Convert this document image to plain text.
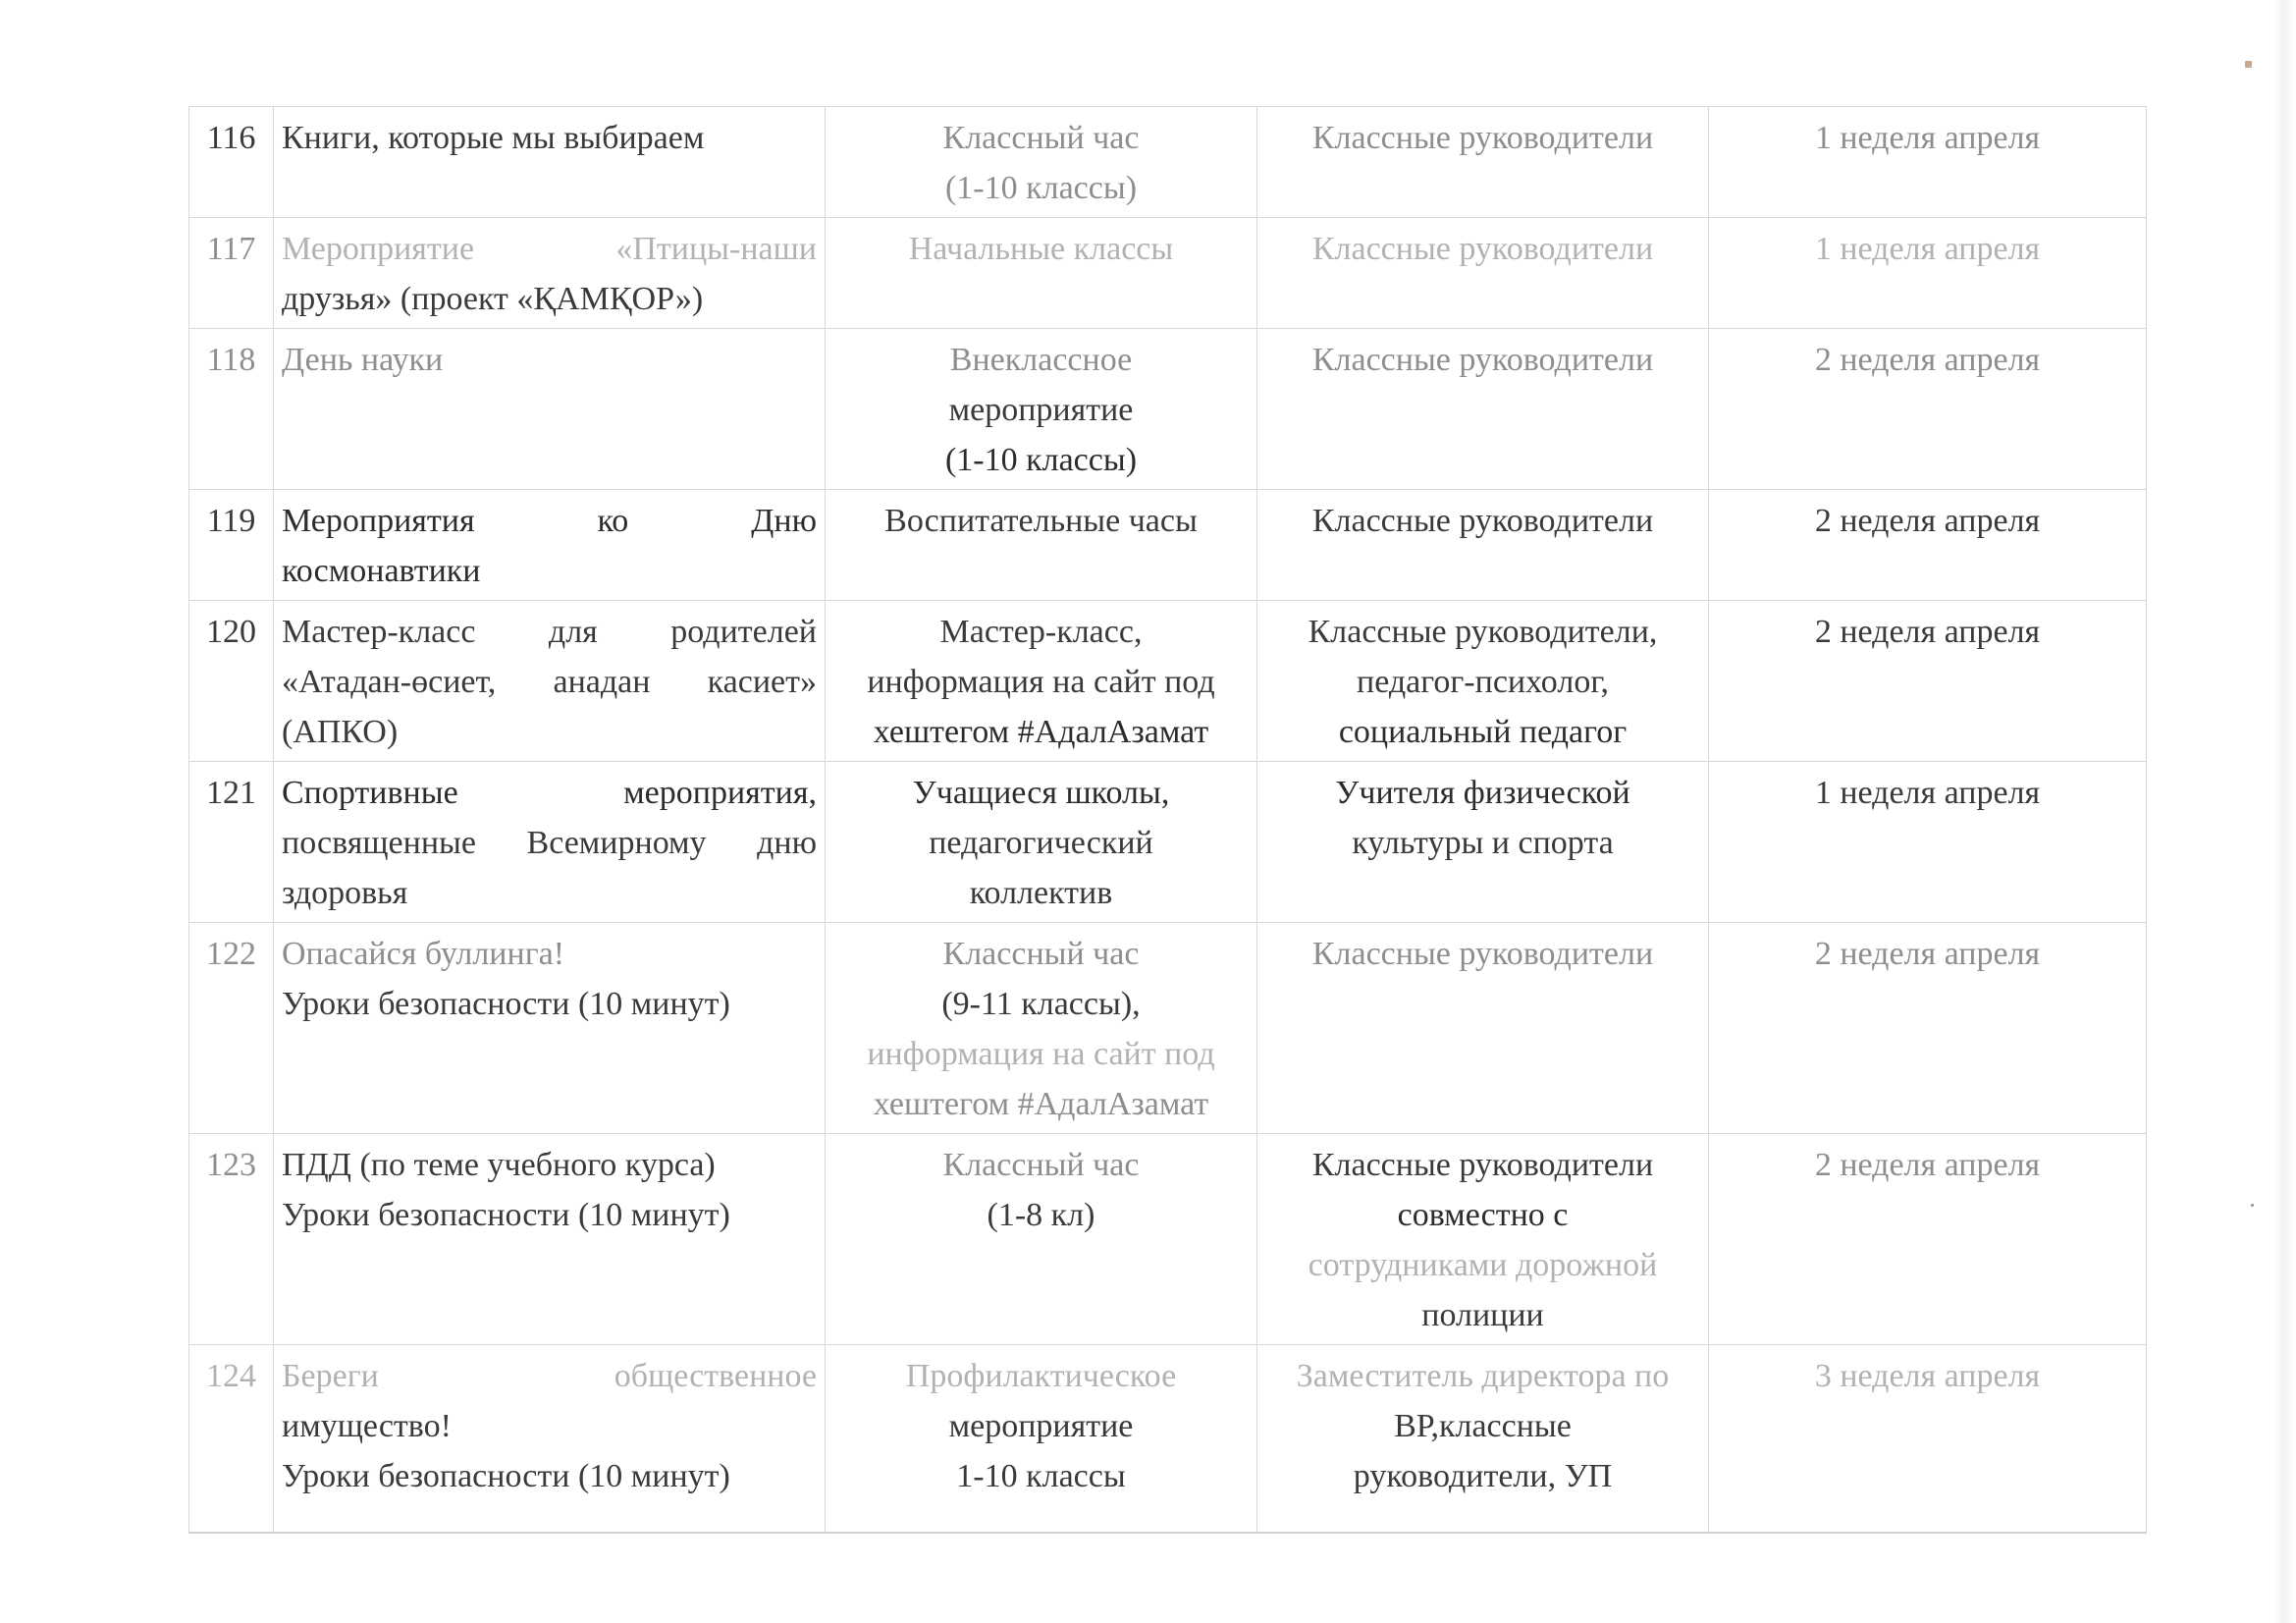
116	Книги, которые мы выбираем	Классный час
(1-10 классы)	Классные руководители	1 неделя апреля
117	Мероприятие «Птицы-наши
друзья» (проект «ҚАМҚОР»)	Начальные классы	Классные руководители	1 неделя апреля
118	День науки	Внеклассное
мероприятие
(1-10 классы)	Классные руководители	2 неделя апреля
119	Мероприятия ко Дню
космонавтики	Воспитательные часы	Классные руководители	2 неделя апреля
120	Мастер-класс для родителей
«Атадан-өсиет, анадан касиет»
(АПКО)	Мастер-класс,
информация на сайт под
хештегом #АдалАзамат	Классные руководители,
педагог-психолог,
социальный педагог	2 неделя апреля
121	Спортивные мероприятия,
посвященные Всемирному дню
здоровья	Учащиеся школы,
педагогический
коллектив	Учителя физической
культуры и спорта	1 неделя апреля
122	Опасайся буллинга!
Уроки безопасности (10 минут)	Классный час
(9-11 классы),
информация на сайт под
хештегом #АдалАзамат	Классные руководители	2 неделя апреля
123	ПДД (по теме учебного курса)
Уроки безопасности (10 минут)	Классный час
(1-8 кл)	Классные руководители
совместно с
сотрудниками дорожной
полиции	2 неделя апреля
124	Береги общественное
имущество!
Уроки безопасности (10 минут)	Профилактическое
мероприятие
1-10 классы	Заместитель директора по
ВР,классные
руководители, УП	3 неделя апреля
